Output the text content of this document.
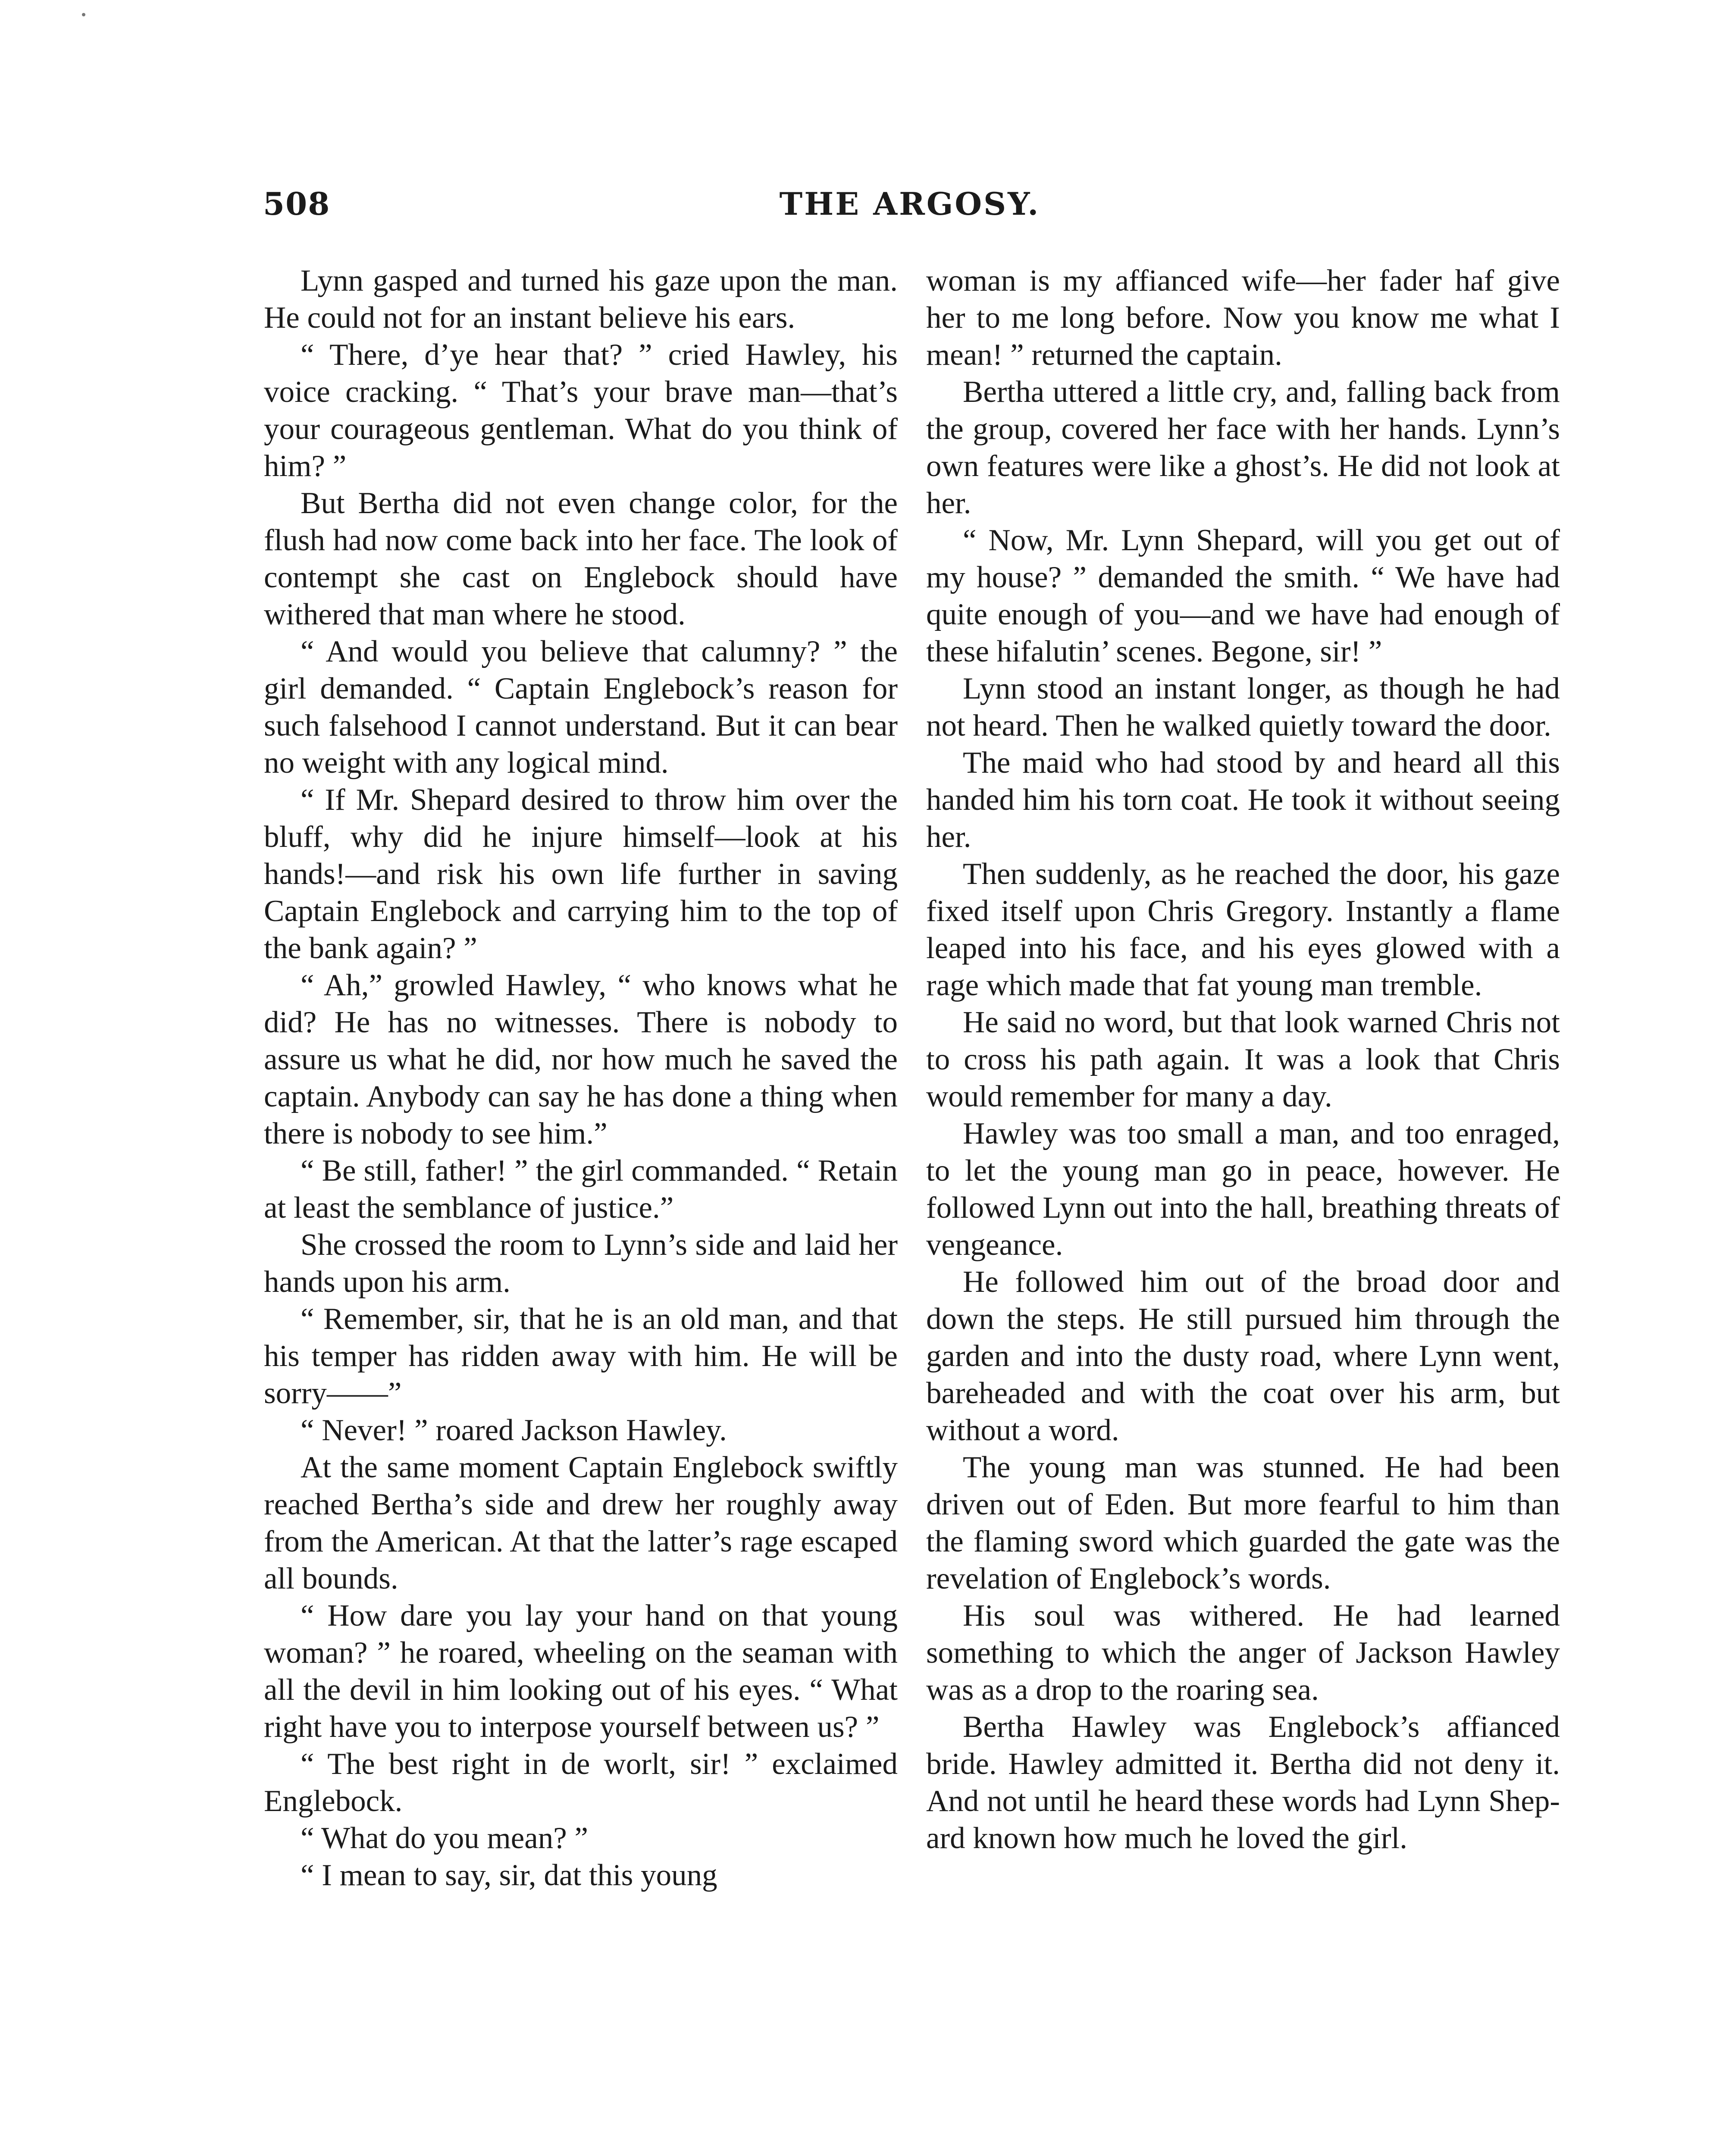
508	THE ARGOSY.

Lynn gasped and turned his gaze upon the man. He could not for an instant believe his ears.

“ There, d’ye hear that? ” cried Hawley, his voice cracking. “ That’s your brave man—that’s your courageous gentleman. What do you think of him? ”

But Bertha did not even change color, for the flush had now come back into her face. The look of contempt she cast on Englebock should have withered that man where he stood.

“ And would you believe that calumny? ” the girl demanded. “ Captain Englebock’s reason for such falsehood I cannot understand. But it can bear no weight with any logical mind.

“ If Mr. Shepard desired to throw him over the bluff, why did he injure himself—look at his hands!—and risk his own life further in saving Captain Englebock and carrying him to the top of the bank again? ”

“ Ah,” growled Hawley, “ who knows what he did? He has no witnesses. There is nobody to assure us what he did, nor how much he saved the captain. Anybody can say he has done a thing when there is nobody to see him.”

“ Be still, father! ” the girl commanded. “ Retain at least the semblance of justice.”

She crossed the room to Lynn’s side and laid her hands upon his arm.

“ Remember, sir, that he is an old man, and that his temper has ridden away with him. He will be sorry——”

“ Never! ” roared Jackson Hawley.

At the same moment Captain Englebock swiftly reached Bertha’s side and drew her roughly away from the American. At that the latter’s rage escaped all bounds.

“ How dare you lay your hand on that young woman? ” he roared, wheeling on the seaman with all the devil in him looking out of his eyes. “ What right have you to interpose yourself between us? ”

“ The best right in de worlt, sir! ” exclaimed Englebock.

“ What do you mean? ”

“ I mean to say, sir, dat this young

woman is my affianced wife—her fader haf give her to me long before. Now you know me what I mean! ” returned the captain.

Bertha uttered a little cry, and, falling back from the group, covered her face with her hands. Lynn’s own features were like a ghost’s. He did not look at her.

“ Now, Mr. Lynn Shepard, will you get out of my house? ” demanded the smith. “ We have had quite enough of you—and we have had enough of these hifalutin’ scenes. Begone, sir! ”

Lynn stood an instant longer, as though he had not heard. Then he walked quietly toward the door.

The maid who had stood by and heard all this handed him his torn coat. He took it without seeing her.

Then suddenly, as he reached the door, his gaze fixed itself upon Chris Gregory. Instantly a flame leaped into his face, and his eyes glowed with a rage which made that fat young man tremble.

He said no word, but that look warned Chris not to cross his path again. It was a look that Chris would remember for many a day.

Hawley was too small a man, and too enraged, to let the young man go in peace, however. He followed Lynn out into the hall, breathing threats of vengeance.

He followed him out of the broad door and down the steps. He still pursued him through the garden and into the dusty road, where Lynn went, bareheaded and with the coat over his arm, but without a word.

The young man was stunned. He had been driven out of Eden. But more fearful to him than the flaming sword which guarded the gate was the revelation of Englebock’s words.

His soul was withered. He had learned something to which the anger of Jackson Hawley was as a drop to the roaring sea.

Bertha Hawley was Englebock’s affianced bride. Hawley admitted it. Bertha did not deny it. And not until he heard these words had Lynn Shepard known how much he loved the girl.
